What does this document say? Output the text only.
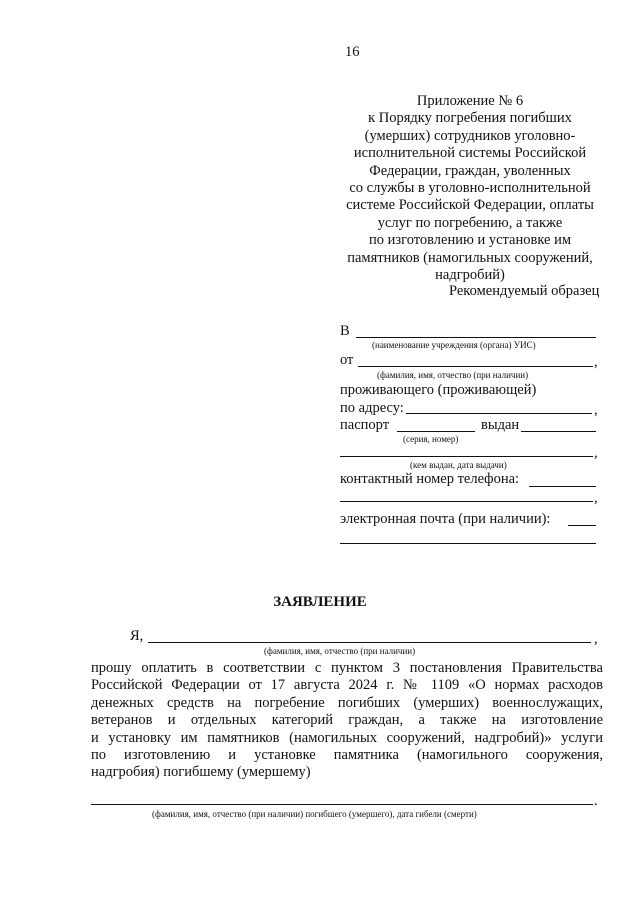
16
Приложение № 6
к Порядку погребения погибших
(умерших) сотрудников уголовно-
исполнительной системы Российской
Федерации, граждан, уволенных
со службы в уголовно-исполнительной
системе Российской Федерации, оплаты
услуг по погребению, а также
по изготовлению и установке им
памятников (намогильных сооружений,
надгробий)
Рекомендуемый образец
В
(наименование учреждения (органа) УИС)
от	,
(фамилия, имя, отчество (при наличии)
проживающего (проживающей)
по адресу:	,
паспорт	выдан
(серия, номер)
,
(кем выдан, дата выдачи)
контактный номер телефона:
,
электронная почта (при наличии):
ЗАЯВЛЕНИЕ
Я,	,
(фамилия, имя, отчество (при наличии)
прошу оплатить в соответствии с пунктом 3 постановления Правительства
Российской Федерации от 17 августа 2024 г. № 1109 «О нормах расходов
денежных средств на погребение погибших (умерших) военнослужащих,
ветеранов и отдельных категорий граждан, а также на изготовление
и установку им памятников (намогильных сооружений, надгробий)» услуги
по изготовлению и установке памятника (намогильного сооружения,
надгробия) погибшему (умершему)
.
(фамилия, имя, отчество (при наличии) погибшего (умершего), дата гибели (смерти)
